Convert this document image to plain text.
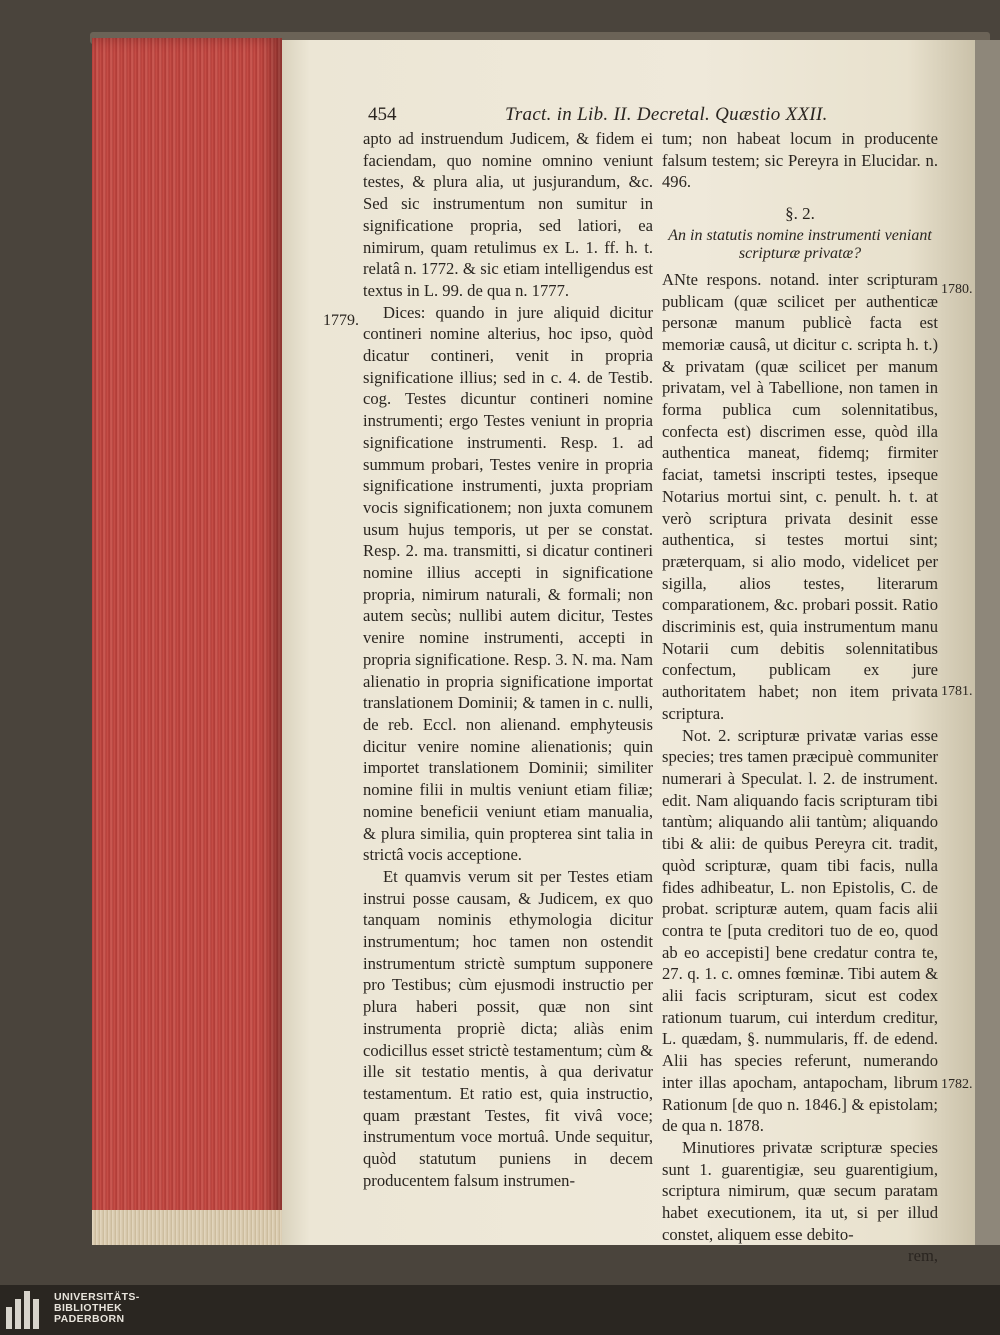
454	Tract. in Lib. II. Decretal. Quæstio XXII.
1779.
1780.
1781.
1782.

apto ad instruendum Judicem, & fidem ei faciendam, quo nomine omnino veniunt testes, & plura alia, ut jusjurandum, &c. Sed sic instrumentum non sumitur in significatione propria, sed latiori, ea nimirum, quam retulimus ex L. 1. ff. h. t. relatâ n. 1772. & sic etiam intelligendus est textus in L. 99. de qua n. 1777.

Dices: quando in jure aliquid dicitur contineri nomine alterius, hoc ipso, quòd dicatur contineri, venit in propria significatione illius; sed in c. 4. de Testib. cog. Testes dicuntur contineri nomine instrumenti; ergo Testes veniunt in propria significatione instrumenti. Resp. 1. ad summum probari, Testes venire in propria significatione instrumenti, juxta propriam vocis significationem; non juxta comunem usum hujus temporis, ut per se constat. Resp. 2. ma. transmitti, si dicatur contineri nomine illius accepti in significatione propria, nimirum naturali, & formali; non autem secùs; nullibi autem dicitur, Testes venire nomine instrumenti, accepti in propria significatione. Resp. 3. N. ma. Nam alienatio in propria significatione importat translationem Dominii; & tamen in c. nulli, de reb. Eccl. non alienand. emphyteusis dicitur venire nomine alienationis; quin importet translationem Dominii; similiter nomine filii in multis veniunt etiam filiæ; nomine beneficii veniunt etiam manualia, & plura similia, quin propterea sint talia in strictâ vocis acceptione.

Et quamvis verum sit per Testes etiam instrui posse causam, & Judicem, ex quo tanquam nominis ethymologia dicitur instrumentum; hoc tamen non ostendit instrumentum strictè sumptum supponere pro Testibus; cùm ejusmodi instructio per plura haberi possit, quæ non sint instrumenta propriè dicta; aliàs enim codicillus esset strictè testamentum; cùm & ille sit testatio mentis, à qua derivatur testamentum. Et ratio est, quia instructio, quam præstant Testes, fit vivâ voce; instrumentum voce mortuâ. Unde sequitur, quòd statutum puniens in decem producentem falsum instrumen-

tum; non habeat locum in producente falsum testem; sic Pereyra in Elucidar. n. 496.

§. 2.

An in statutis nomine instrumenti veniant scripturæ privatæ?

ANte respons. notand. inter scripturam publicam (quæ scilicet per authenticæ personæ manum publicè facta est memoriæ causâ, ut dicitur c. scripta h. t.) & privatam (quæ scilicet per manum privatam, vel à Tabellione, non tamen in forma publica cum solennitatibus, confecta est) discrimen esse, quòd illa authentica maneat, fidemq; firmiter faciat, tametsi inscripti testes, ipseque Notarius mortui sint, c. penult. h. t. at verò scriptura privata desinit esse authentica, si testes mortui sint; præterquam, si alio modo, videlicet per sigilla, alios testes, literarum comparationem, &c. probari possit. Ratio discriminis est, quia instrumentum manu Notarii cum debitis solennitatibus confectum, publicam ex jure authoritatem habet; non item privata scriptura.

Not. 2. scripturæ privatæ varias esse species; tres tamen præcipuè communiter numerari à Speculat. l. 2. de instrument. edit. Nam aliquando facis scripturam tibi tantùm; aliquando alii tantùm; aliquando tibi & alii: de quibus Pereyra cit. tradit, quòd scripturæ, quam tibi facis, nulla fides adhibeatur, L. non Epistolis, C. de probat. scripturæ autem, quam facis alii contra te [puta creditori tuo de eo, quod ab eo accepisti] bene credatur contra te, 27. q. 1. c. omnes fœminæ. Tibi autem & alii facis scripturam, sicut est codex rationum tuarum, cui interdum creditur, L. quædam, §. nummularis, ff. de edend. Alii has species referunt, numerando inter illas apocham, antapocham, librum Rationum [de quo n. 1846.] & epistolam; de qua n. 1878.

Minutiores privatæ scripturæ species sunt 1. guarentigiæ, seu guarentigium, scriptura nimirum, quæ secum paratam habet executionem, ita ut, si per illud constet, aliquem esse debito-

rem,

UNIVERSITÄTS-
BIBLIOTHEK
PADERBORN
